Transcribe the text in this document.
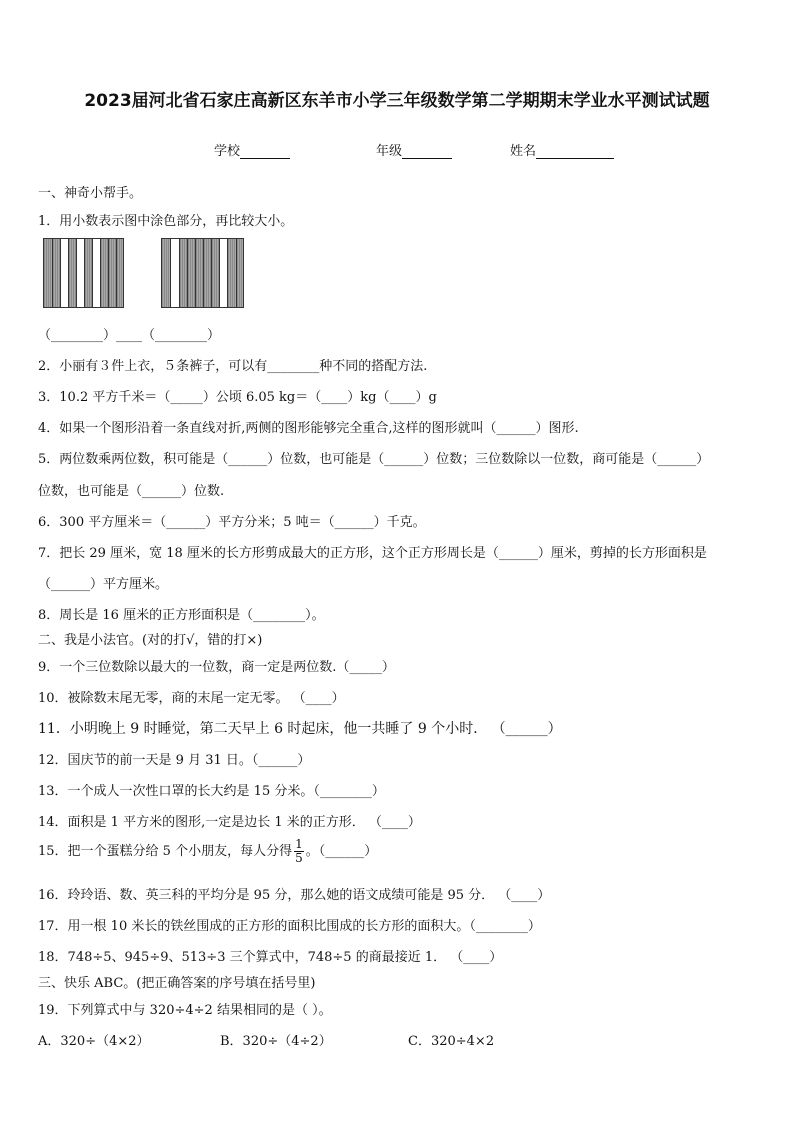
2023届河北省石家庄高新区东羊市小学三年级数学第二学期期末学业水平测试试题
学校	年级	姓名
一、神奇小帮手。
1．用小数表示图中涂色部分，再比较大小。
（________）____（________）
2．小丽有３件上衣，５条裤子，可以有________种不同的搭配方法.
3．10.2 平方千米＝（_____）公顷 6.05 kg＝（____）kg（____）g
4．如果一个图形沿着一条直线对折,两侧的图形能够完全重合,这样的图形就叫（______）图形.
5．两位数乘两位数，积可能是（______）位数，也可能是（______）位数；三位数除以一位数，商可能是（______）
位数，也可能是（______）位数.
6．300 平方厘米＝（______）平方分米；5 吨＝（______）千克。
7．把长 29 厘米，宽 18 厘米的长方形剪成最大的正方形，这个正方形周长是（______）厘米，剪掉的长方形面积是
（______）平方厘米。
8．周长是 16 厘米的正方形面积是（________）。
二、我是小法官。(对的打√，错的打×)
9．一个三位数除以最大的一位数，商一定是两位数.（_____）
10．被除数末尾无零，商的末尾一定无零。 （____）
11．小明晚上 9 时睡觉，第二天早上 6 时起床，他一共睡了 9 个小时． （______）
12．国庆节的前一天是 9 月 31 日。（______）
13．一个成人一次性口罩的长大约是 15 分米。（________）
14．面积是 1 平方米的图形,一定是边长 1 米的正方形． （____）
15．把一个蛋糕分给 5 个小朋友，每人分得 $\frac{1}{5}$ 。（______）
16．玲玲语、数、英三科的平均分是 95 分，那么她的语文成绩可能是 95 分． （____）
17．用一根 10 米长的铁丝围成的正方形的面积比围成的长方形的面积大。（________）
18．748÷5、945÷9、513÷3 三个算式中，748÷5 的商最接近 1． （____）
三、快乐 ABC。(把正确答案的序号填在括号里)
19．下列算式中与 320÷4÷2 结果相同的是（ ）。
A．320÷（4×2）	B．320÷（4÷2）	C．320÷4×2
